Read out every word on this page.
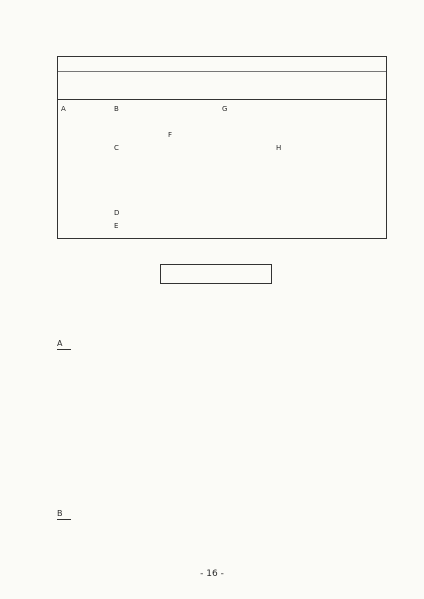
A	B	G
F
C	H
D
E
A
B
- 16 -
